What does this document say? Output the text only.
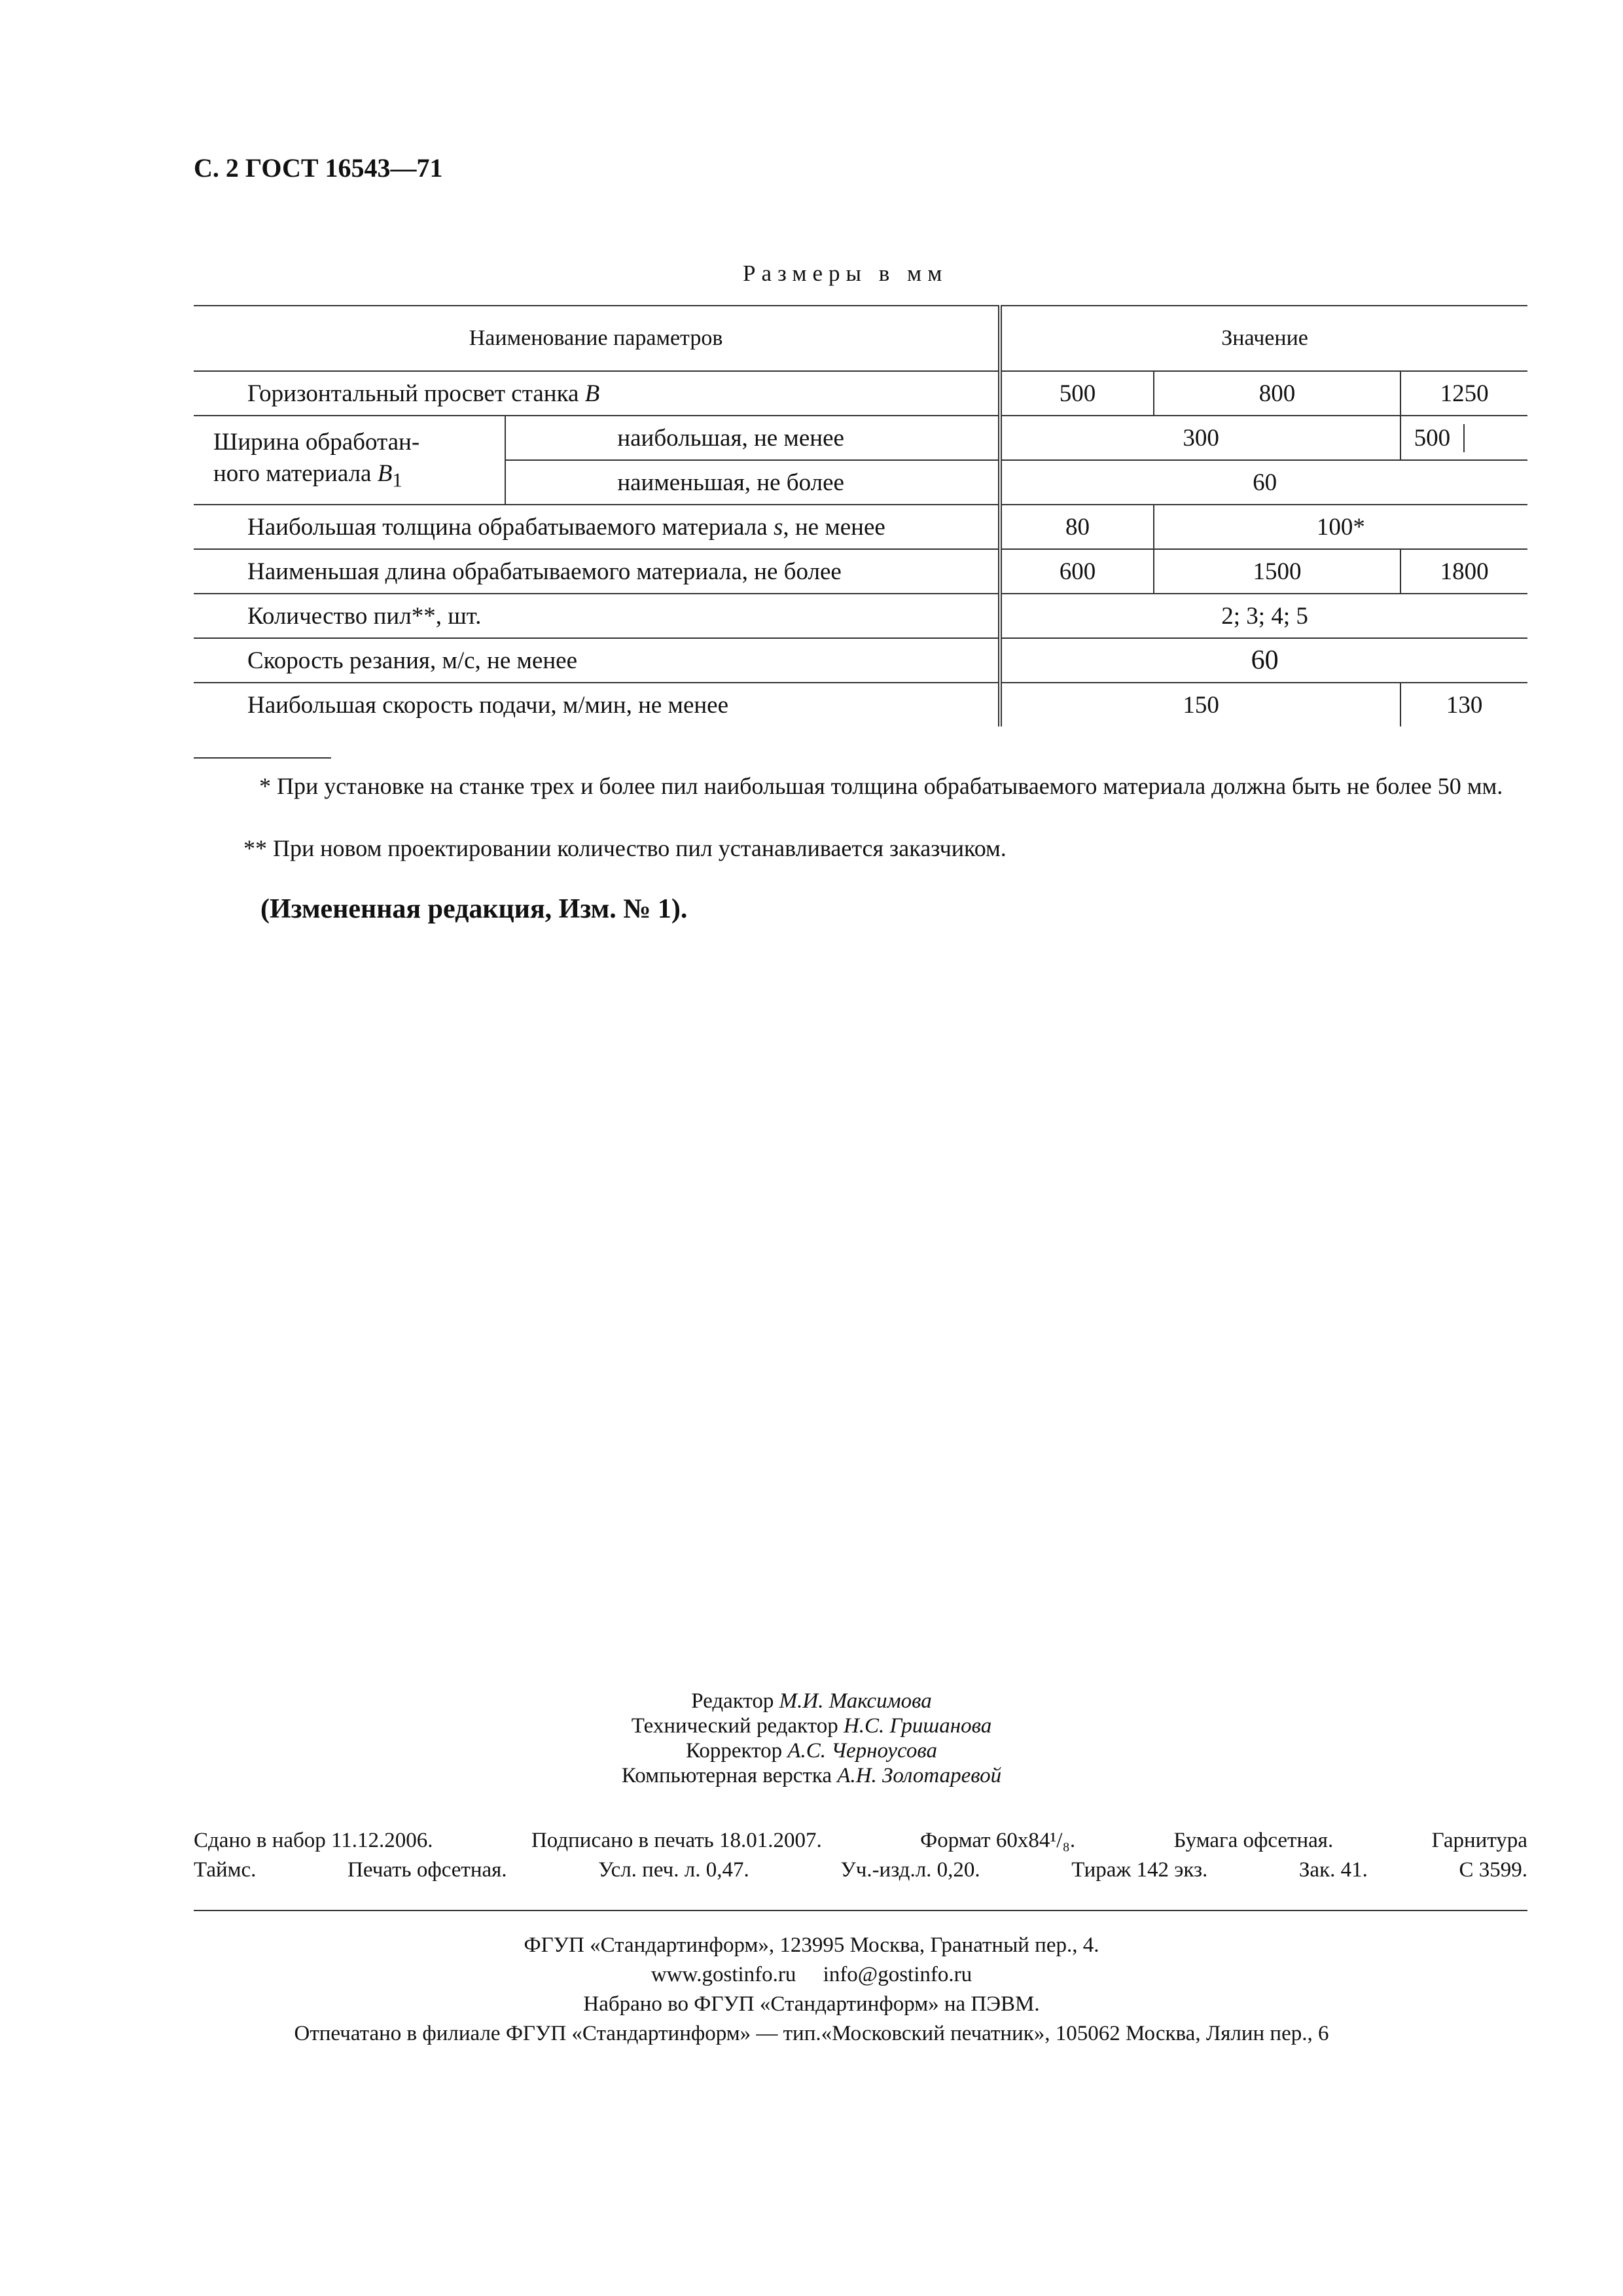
С. 2 ГОСТ 16543—71
Размеры в мм
Наименование параметров		Значение		
Горизонтальный просвет станка B		500	800	1250
Ширина обработан-
ного материала $B_1$	наибольшая, не менее	300		500
	наименьшая, не более	60		
Наибольшая толщина обрабатываемого материала s, не менее		80	100*	
Наименьшая длина обрабатываемого материала, не более		600	1500	1800
Количество пил**, шт.		2; 3; 4; 5		
Скорость резания, м/с, не менее		60		
Наибольшая скорость подачи, м/мин, не менее		150		130
* При установке на станке трех и более пил наибольшая толщина обрабатываемого материала должна быть не более 50 мм.
** При новом проектировании количество пил устанавливается заказчиком.
(Измененная редакция, Изм. № 1).
Редактор М.И. Максимова
Технический редактор Н.С. Гришанова
Корректор А.С. Черноусова
Компьютерная верстка А.Н. Золотаревой
Сдано в набор 11.12.2006.	Подписано в печать 18.01.2007.	Формат 60x84¹/₈.	Бумага офсетная.	Гарнитура
Таймс.	Печать офсетная.	Усл. печ. л. 0,47.	Уч.-изд.л. 0,20.	Тираж 142 экз.	Зак. 41.	С 3599.
ФГУП «Стандартинформ», 123995 Москва, Гранатный пер., 4.
www.gostinfo.ru     info@gostinfo.ru
Набрано во ФГУП «Стандартинформ» на ПЭВМ.
Отпечатано в филиале ФГУП «Стандартинформ» — тип.«Московский печатник», 105062 Москва, Лялин пер., 6
